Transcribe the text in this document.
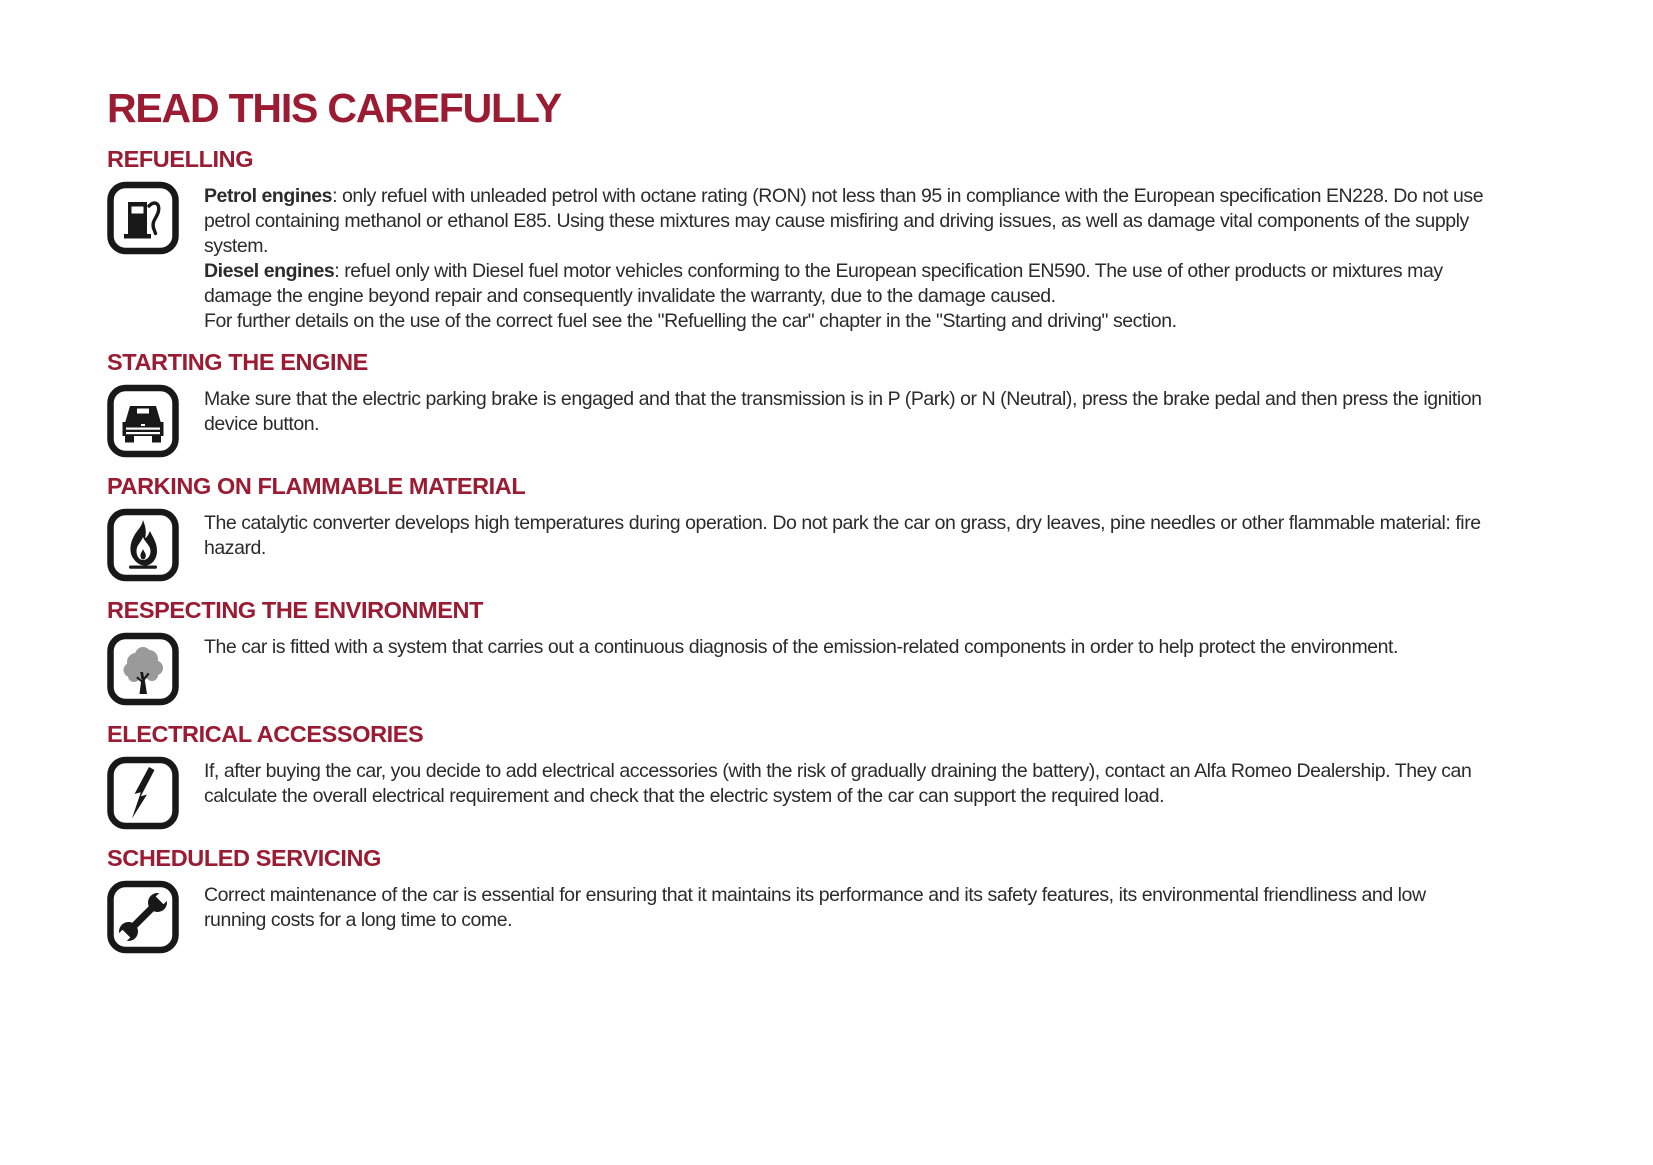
READ THIS CAREFULLY
REFUELLING

Petrol engines: only refuel with unleaded petrol with octane rating (RON) not less than 95 in compliance with the European specification EN228. Do not use petrol containing methanol or ethanol E85. Using these mixtures may cause misfiring and driving issues, as well as damage vital components of the supply system.

Diesel engines: refuel only with Diesel fuel motor vehicles conforming to the European specification EN590. The use of other products or mixtures may damage the engine beyond repair and consequently invalidate the warranty, due to the damage caused.

For further details on the use of the correct fuel see the "Refuelling the car" chapter in the "Starting and driving" section.

STARTING THE ENGINE

Make sure that the electric parking brake is engaged and that the transmission is in P (Park) or N (Neutral), press the brake pedal and then press the ignition device button.

PARKING ON FLAMMABLE MATERIAL

The catalytic converter develops high temperatures during operation. Do not park the car on grass, dry leaves, pine needles or other flammable material: fire hazard.

RESPECTING THE ENVIRONMENT

The car is fitted with a system that carries out a continuous diagnosis of the emission-related components in order to help protect the environment.

ELECTRICAL ACCESSORIES

If, after buying the car, you decide to add electrical accessories (with the risk of gradually draining the battery), contact an Alfa Romeo Dealership. They can calculate the overall electrical requirement and check that the electric system of the car can support the required load.

SCHEDULED SERVICING

Correct maintenance of the car is essential for ensuring that it maintains its performance and its safety features, its environmental friendliness and low running costs for a long time to come.
